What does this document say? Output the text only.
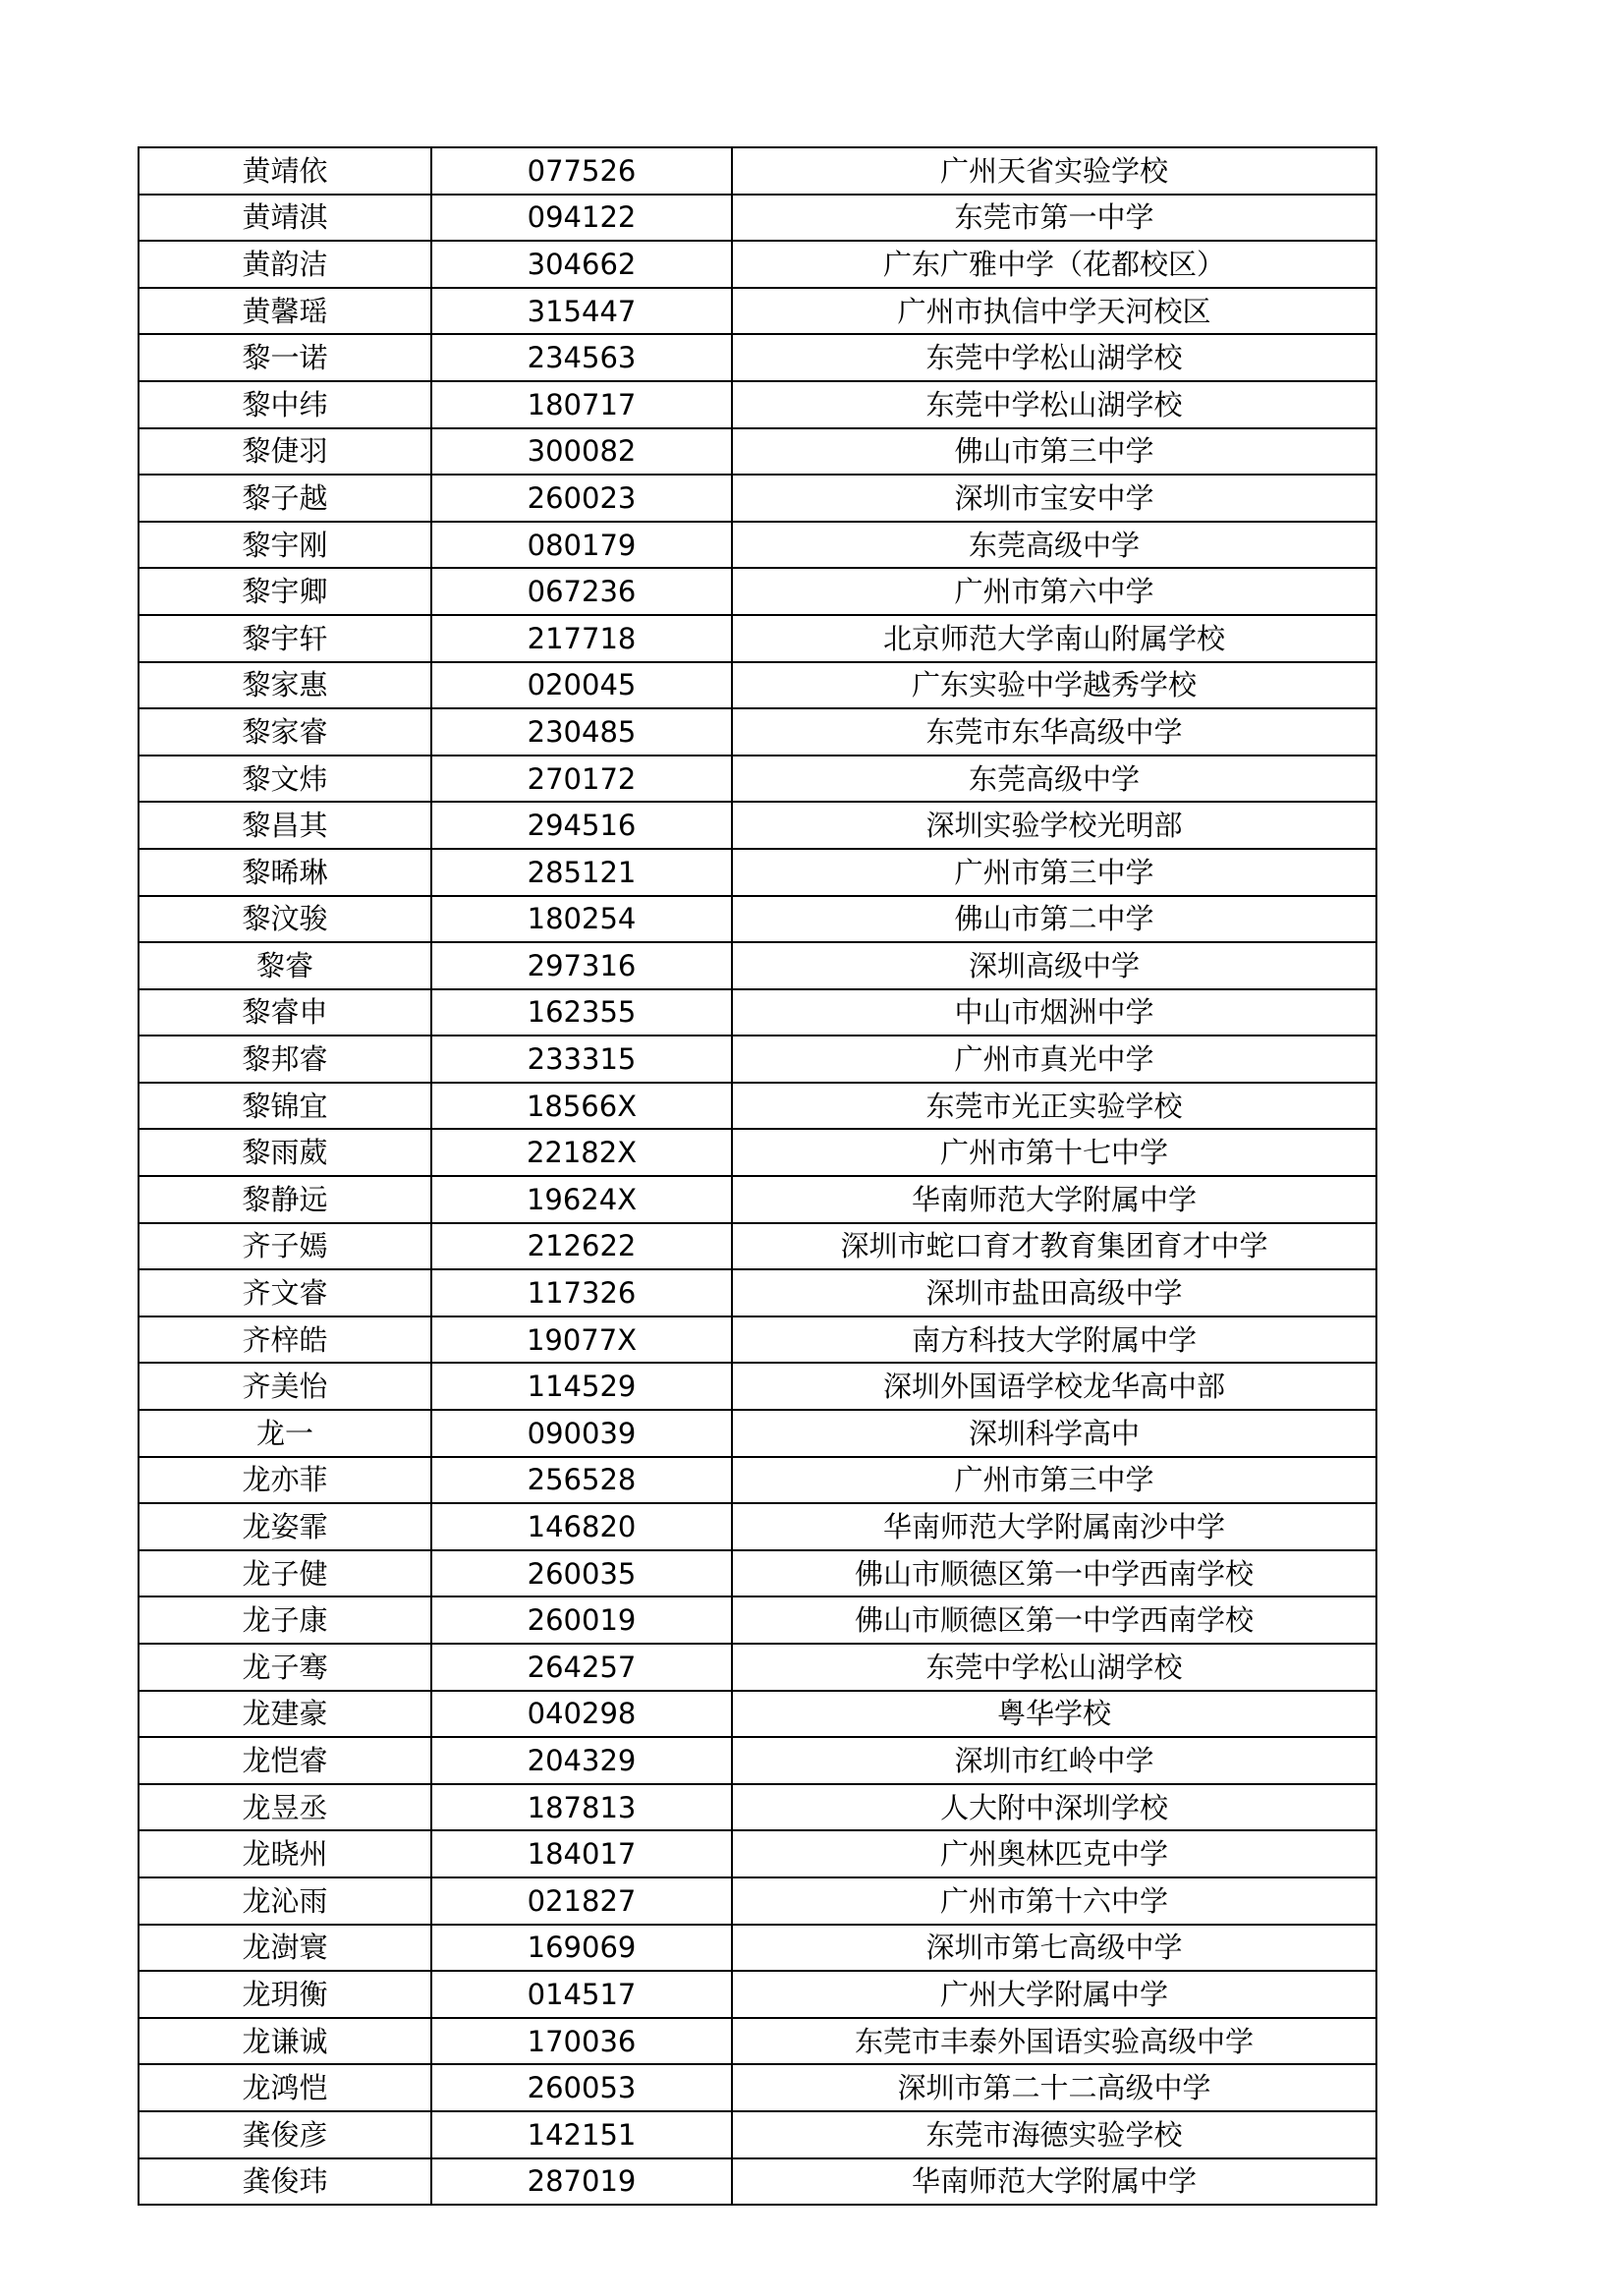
黄靖依	077526	广州天省实验学校
黄靖淇	094122	东莞市第一中学
黄韵洁	304662	广东广雅中学（花都校区）
黄馨瑶	315447	广州市执信中学天河校区
黎一诺	234563	东莞中学松山湖学校
黎中纬	180717	东莞中学松山湖学校
黎倢羽	300082	佛山市第三中学
黎子越	260023	深圳市宝安中学
黎宇刚	080179	东莞高级中学
黎宇卿	067236	广州市第六中学
黎宇轩	217718	北京师范大学南山附属学校
黎家惠	020045	广东实验中学越秀学校
黎家睿	230485	东莞市东华高级中学
黎文炜	270172	东莞高级中学
黎昌其	294516	深圳实验学校光明部
黎晞琳	285121	广州市第三中学
黎汶骏	180254	佛山市第二中学
黎睿	297316	深圳高级中学
黎睿申	162355	中山市烟洲中学
黎邦睿	233315	广州市真光中学
黎锦宜	18566X	东莞市光正实验学校
黎雨葳	22182X	广州市第十七中学
黎静远	19624X	华南师范大学附属中学
齐子嫣	212622	深圳市蛇口育才教育集团育才中学
齐文睿	117326	深圳市盐田高级中学
齐梓皓	19077X	南方科技大学附属中学
齐美怡	114529	深圳外国语学校龙华高中部
龙一	090039	深圳科学高中
龙亦菲	256528	广州市第三中学
龙姿霏	146820	华南师范大学附属南沙中学
龙子健	260035	佛山市顺德区第一中学西南学校
龙子康	260019	佛山市顺德区第一中学西南学校
龙子骞	264257	东莞中学松山湖学校
龙建豪	040298	粤华学校
龙恺睿	204329	深圳市红岭中学
龙昱丞	187813	人大附中深圳学校
龙晓州	184017	广州奥林匹克中学
龙沁雨	021827	广州市第十六中学
龙澍寰	169069	深圳市第七高级中学
龙玥衡	014517	广州大学附属中学
龙谦诚	170036	东莞市丰泰外国语实验高级中学
龙鸿恺	260053	深圳市第二十二高级中学
龚俊彦	142151	东莞市海德实验学校
龚俊玮	287019	华南师范大学附属中学
